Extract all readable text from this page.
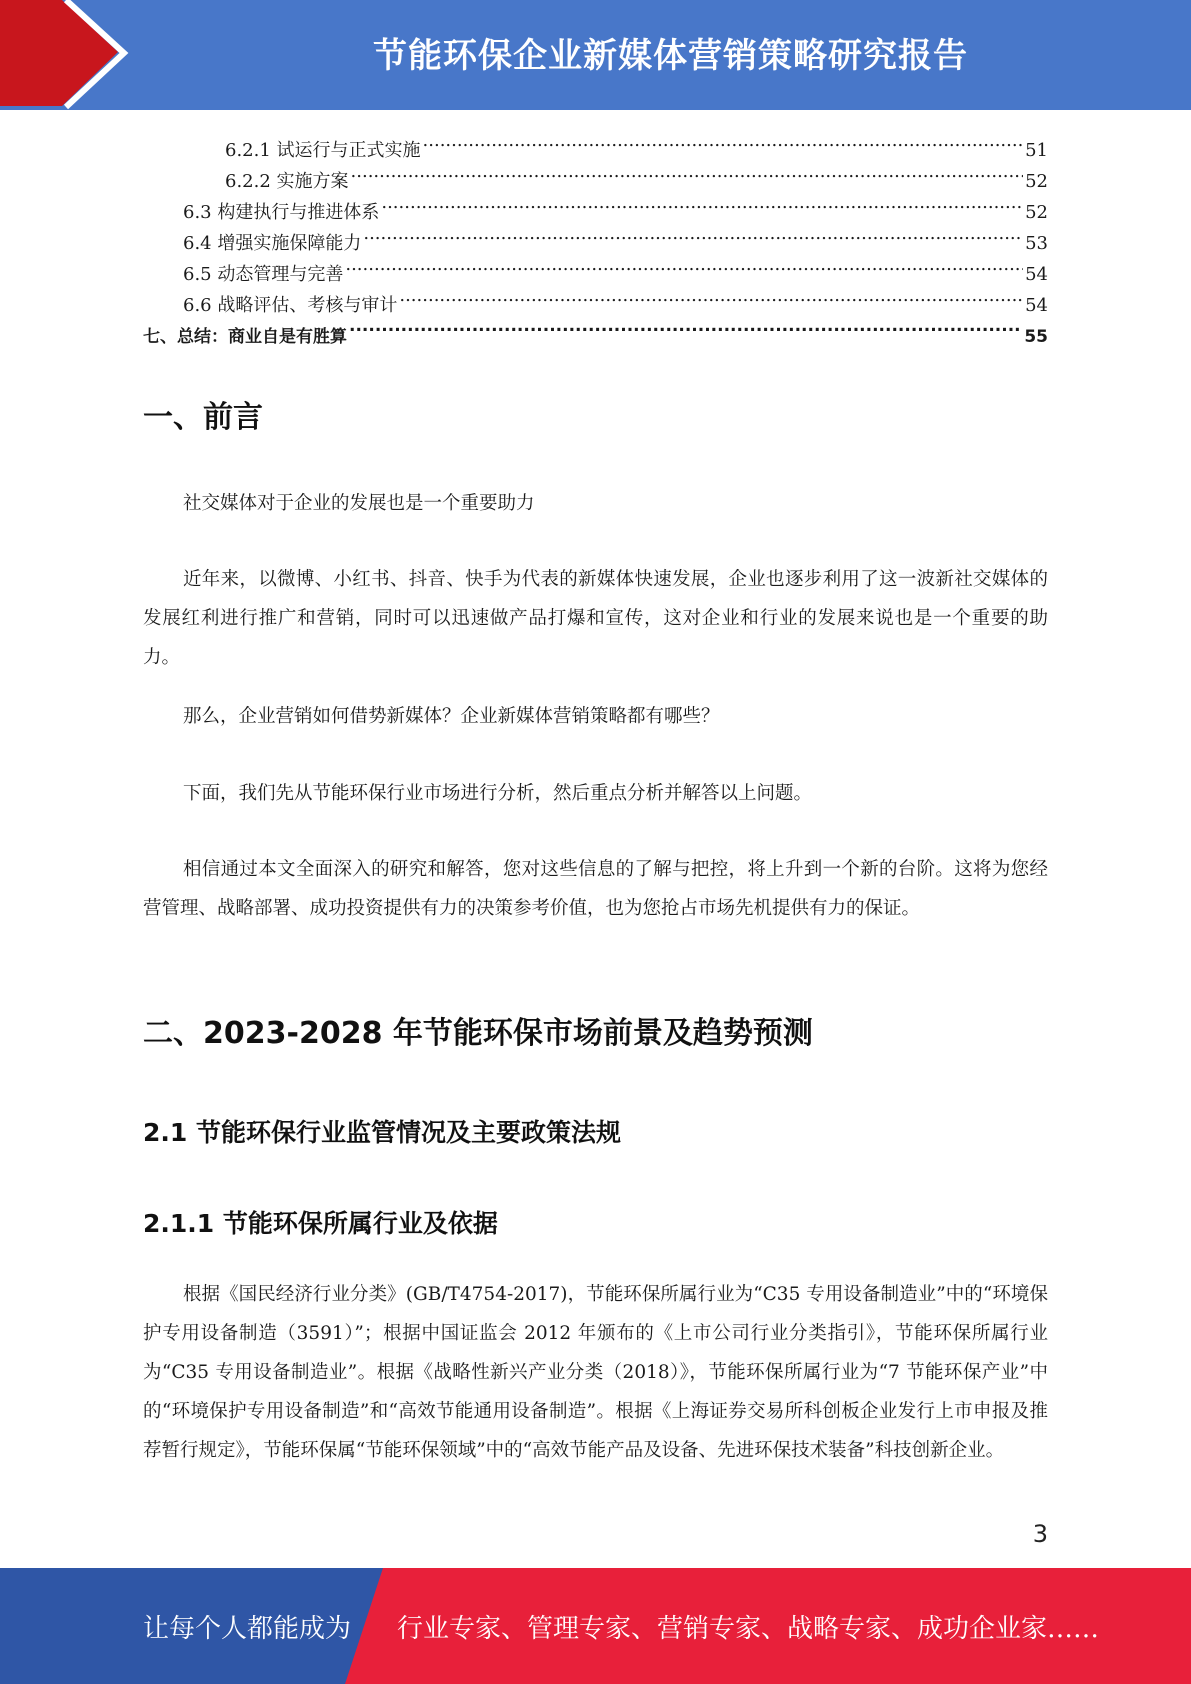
节能环保企业新媒体营销策略研究报告
6.2.1 试运行与正式实施 .....	51
6.2.2 实施方案 .....	52
6.3 构建执行与推进体系 .....	52
6.4 增强实施保障能力 .....	53
6.5 动态管理与完善 .....	54
6.6 战略评估、考核与审计 .....	54
七、总结：商业自是有胜算 .....	55
一、前言

社交媒体对于企业的发展也是一个重要助力

近年来，以微博、小红书、抖音、快手为代表的新媒体快速发展，企业也逐步利用了这一波新社交媒体的发展红利进行推广和营销，同时可以迅速做产品打爆和宣传，这对企业和行业的发展来说也是一个重要的助力。

那么，企业营销如何借势新媒体？企业新媒体营销策略都有哪些？

下面，我们先从节能环保行业市场进行分析，然后重点分析并解答以上问题。

相信通过本文全面深入的研究和解答，您对这些信息的了解与把控，将上升到一个新的台阶。这将为您经营管理、战略部署、成功投资提供有力的决策参考价值，也为您抢占市场先机提供有力的保证。

二、2023-2028 年节能环保市场前景及趋势预测
2.1 节能环保行业监管情况及主要政策法规
2.1.1 节能环保所属行业及依据

根据《国民经济行业分类》(GB/T4754-2017)，节能环保所属行业为“C35 专用设备制造业”中的“环境保护专用设备制造（3591）”；根据中国证监会 2012 年颁布的《上市公司行业分类指引》，节能环保所属行业为“C35 专用设备制造业”。根据《战略性新兴产业分类（2018）》，节能环保所属行业为“7 节能环保产业”中的“环境保护专用设备制造”和“高效节能通用设备制造”。根据《上海证券交易所科创板企业发行上市申报及推荐暂行规定》，节能环保属“节能环保领域”中的“高效节能产品及设备、先进环保技术装备”科技创新企业。

3
让每个人都能成为 行业专家、管理专家、营销专家、战略专家、成功企业家……
